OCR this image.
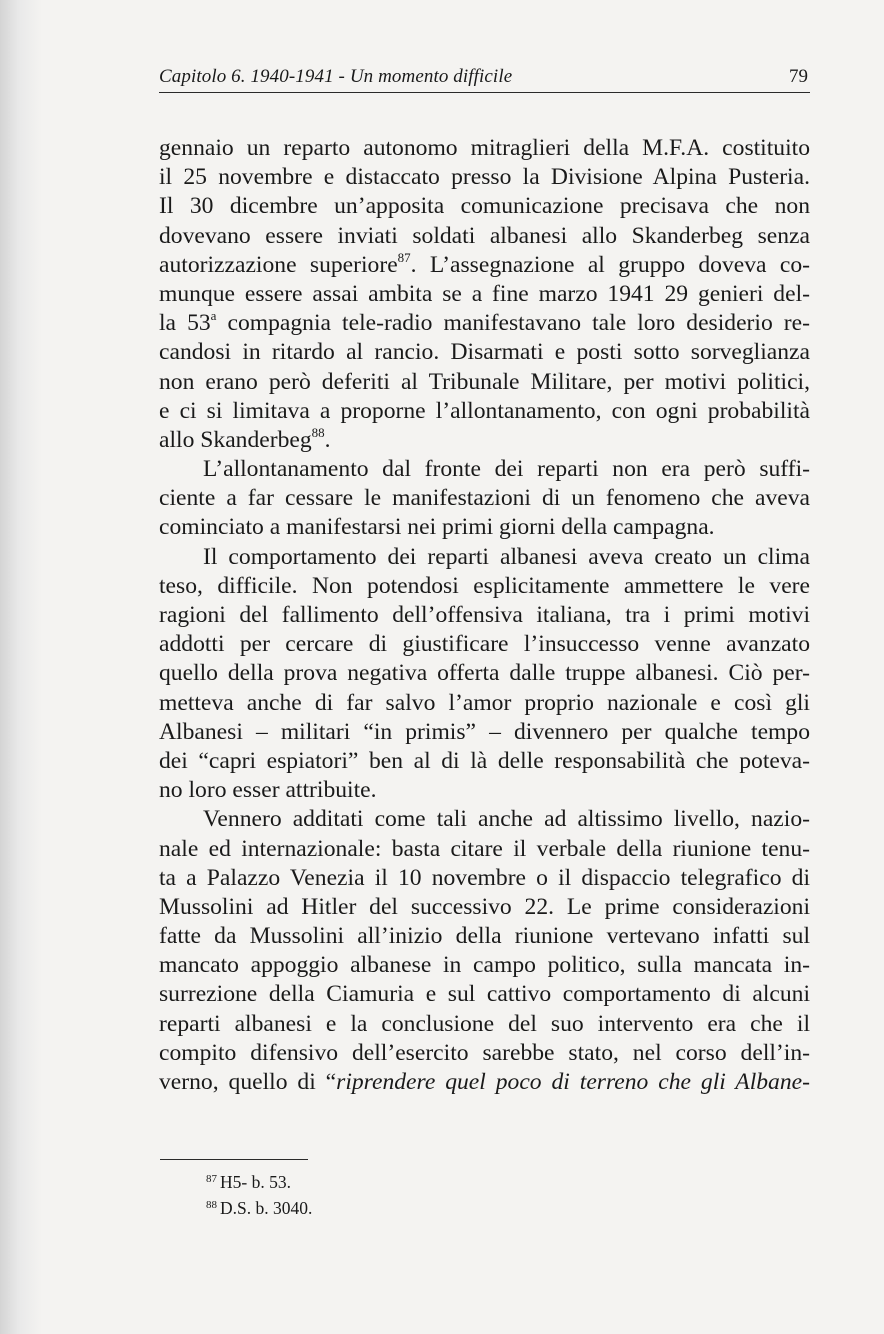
Capitolo 6. 1940-1941 - Un momento difficile	79
gennaio un reparto autonomo mitraglieri della M.F.A. costituito
il 25 novembre e distaccato presso la Divisione Alpina Pusteria.
Il 30 dicembre un’apposita comunicazione precisava che non
dovevano essere inviati soldati albanesi allo Skanderbeg senza
autorizzazione superiore$^{87}$. L’assegnazione al gruppo doveva co-
munque essere assai ambita se a fine marzo 1941 29 genieri del-
la 53$^a$ compagnia tele-radio manifestavano tale loro desiderio re-
candosi in ritardo al rancio. Disarmati e posti sotto sorveglianza
non erano però deferiti al Tribunale Militare, per motivi politici,
e ci si limitava a proporne l’allontanamento, con ogni probabilità
allo Skanderbeg$^{88}$.
L’allontanamento dal fronte dei reparti non era però suffi-
ciente a far cessare le manifestazioni di un fenomeno che aveva
cominciato a manifestarsi nei primi giorni della campagna.
Il comportamento dei reparti albanesi aveva creato un clima
teso, difficile. Non potendosi esplicitamente ammettere le vere
ragioni del fallimento dell’offensiva italiana, tra i primi motivi
addotti per cercare di giustificare l’insuccesso venne avanzato
quello della prova negativa offerta dalle truppe albanesi. Ciò per-
metteva anche di far salvo l’amor proprio nazionale e così gli
Albanesi – militari “in primis” – divennero per qualche tempo
dei “capri espiatori” ben al di là delle responsabilità che poteva-
no loro esser attribuite.
Vennero additati come tali anche ad altissimo livello, nazio-
nale ed internazionale: basta citare il verbale della riunione tenu-
ta a Palazzo Venezia il 10 novembre o il dispaccio telegrafico di
Mussolini ad Hitler del successivo 22. Le prime considerazioni
fatte da Mussolini all’inizio della riunione vertevano infatti sul
mancato appoggio albanese in campo politico, sulla mancata in-
surrezione della Ciamuria e sul cattivo comportamento di alcuni
reparti albanesi e la conclusione del suo intervento era che il
compito difensivo dell’esercito sarebbe stato, nel corso dell’in-
verno, quello di “riprendere quel poco di terreno che gli Albane-
$^{87}$ H5- b. 53.
$^{88}$ D.S. b. 3040.
